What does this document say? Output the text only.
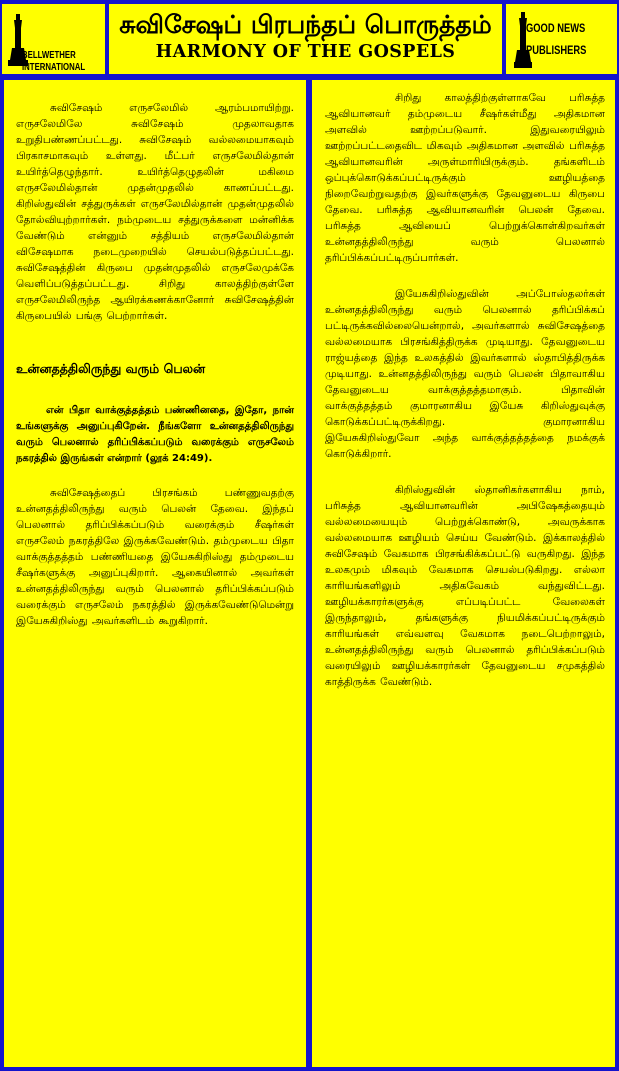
BELLWETHER
INTERNATIONAL
சுவிசேஷப் பிரபந்தப் பொருத்தம்
HARMONY OF THE GOSPELS
GOOD NEWS
PUBLISHERS

சுவிசேஷம் எருசலேமில் ஆரம்பமாயிற்று. எருசலேமிலே சுவிசேஷம் முதலாவதாக உறுதிபண்ணப்பட்டது. சுவிசேஷம் வல்லமையாகவும் பிரகாசமாகவும் உள்ளது. மீட்பர் எருசலேமில்தான் உயிர்த்தெழுந்தார். உயிர்த்தெழுதலின் மகிமை எருசலேமில்தான் முதன்முதலில் காணப்பட்டது. கிறிஸ்துவின் சத்துருக்கள் எருசலேமில்தான் முதன்முதலில் தோல்வியுற்றார்கள். நம்முடைய சத்துருக்களை மன்னிக்க வேண்டும் என்னும் சத்தியம் எருசலேமில்தான் விசேஷமாக நடைமுறையில் செயல்படுத்தப்பட்டது. சுவிசேஷத்தின் கிருபை முதன்முதலில் எருசலேமுக்கே வெளிப்படுத்தப்பட்டது. சிறிது காலத்திற்குள்ளே எருசலேமிலிருந்த ஆயிரக்கணக்கானோர் சுவிசேஷத்தின் கிருபையில் பங்கு பெற்றார்கள்.

உன்னதத்திலிருந்து வரும் பெலன்

என் பிதா வாக்குத்தத்தம் பண்ணினதை, இதோ, நான் உங்களுக்கு அனுப்புகிறேன். நீங்களோ உன்னதத்திலிருந்து வரும் பெலனால் தரிப்பிக்கப்படும் வரைக்கும் எருசலேம் நகரத்தில் இருங்கள் என்றார் (லூக் 24:49).

சுவிசேஷத்தைப் பிரசங்கம் பண்ணுவதற்கு உன்னதத்திலிருந்து வரும் பெலன் தேவை. இந்தப் பெலனால் தரிப்பிக்கப்படும் வரைக்கும் சீஷர்கள் எருசலேம் நகரத்திலே இருக்கவேண்டும். தம்முடைய பிதா வாக்குத்தத்தம் பண்ணியதை இயேசுகிறிஸ்து தம்முடைய சீஷர்களுக்கு அனுப்புகிறார். ஆகையினால் அவர்கள் உன்னதத்திலிருந்து வரும் பெலனால் தரிப்பிக்கப்படும் வரைக்கும் எருசலேம் நகரத்தில் இருக்கவேண்டுமென்று இயேசுகிறிஸ்து அவர்களிடம் கூறுகிறார்.

சிறிது காலத்திற்குள்ளாகவே பரிசுத்த ஆவியானவர் தம்முடைய சீஷர்கள்மீது அதிகமான அளவில் ஊற்றப்படுவார். இதுவரையிலும் ஊற்றப்பட்டதைவிட மிகவும் அதிகமான அளவில் பரிசுத்த ஆவியானவரின் அருள்மாரியிருக்கும். தங்களிடம் ஒப்புக்கொடுக்கப்பட்டிருக்கும் ஊழியத்தை நிறைவேற்றுவதற்கு இவர்களுக்கு தேவனுடைய கிருபை தேவை. பரிசுத்த ஆவியானவரின் பெலன் தேவை. பரிசுத்த ஆவியைப் பெற்றுக்கொள்கிறவர்கள் உன்னதத்திலிருந்து வரும் பெலனால் தரிப்பிக்கப்பட்டிருப்பார்கள்.

இயேசுகிறிஸ்துவின் அப்போஸ்தலர்கள் உன்னதத்திலிருந்து வரும் பெலனால் தரிப்பிக்கப் பட்டிருக்கவில்லையென்றால், அவர்களால் சுவிசேஷத்தை வல்லமையாக பிரசங்கித்திருக்க முடியாது. தேவனுடைய ராஜ்யத்தை இந்த உலகத்தில் இவர்களால் ஸ்தாபித்திருக்க முடியாது. உன்னதத்திலிருந்து வரும் பெலன் பிதாவாகிய தேவனுடைய வாக்குத்தத்தமாகும். பிதாவின் வாக்குத்தத்தம் குமாரனாகிய இயேசு கிறிஸ்துவுக்கு கொடுக்கப்பட்டிருக்கிறது. குமாரனாகிய இயேசுகிறிஸ்துவோ அந்த வாக்குத்தத்தத்தை நமக்குக் கொடுக்கிறார்.

கிறிஸ்துவின் ஸ்தானிகர்களாகிய நாம், பரிசுத்த ஆவியானவரின் அபிஷேகத்தையும் வல்லமையையும் பெற்றுக்கொண்டு, அவருக்காக வல்லமையாக ஊழியம் செய்ய வேண்டும். இக்காலத்தில் சுவிசேஷம் வேகமாக பிரசங்கிக்கப்பட்டு வருகிறது. இந்த உலகமும் மிகவும் வேகமாக செயல்படுகிறது. எல்லா காரியங்களிலும் அதிகவேகம் வந்துவிட்டது. ஊழியக்காரர்களுக்கு எப்படிப்பட்ட வேலைகள் இருந்தாலும், தங்களுக்கு நியமிக்கப்பட்டிருக்கும் காரியங்கள் எவ்வளவு வேகமாக நடைபெற்றாலும், உன்னதத்திலிருந்து வரும் பெலனால் தரிப்பிக்கப்படும் வரையிலும் ஊழியக்காரர்கள் தேவனுடைய சமுகத்தில் காத்திருக்க வேண்டும்.
